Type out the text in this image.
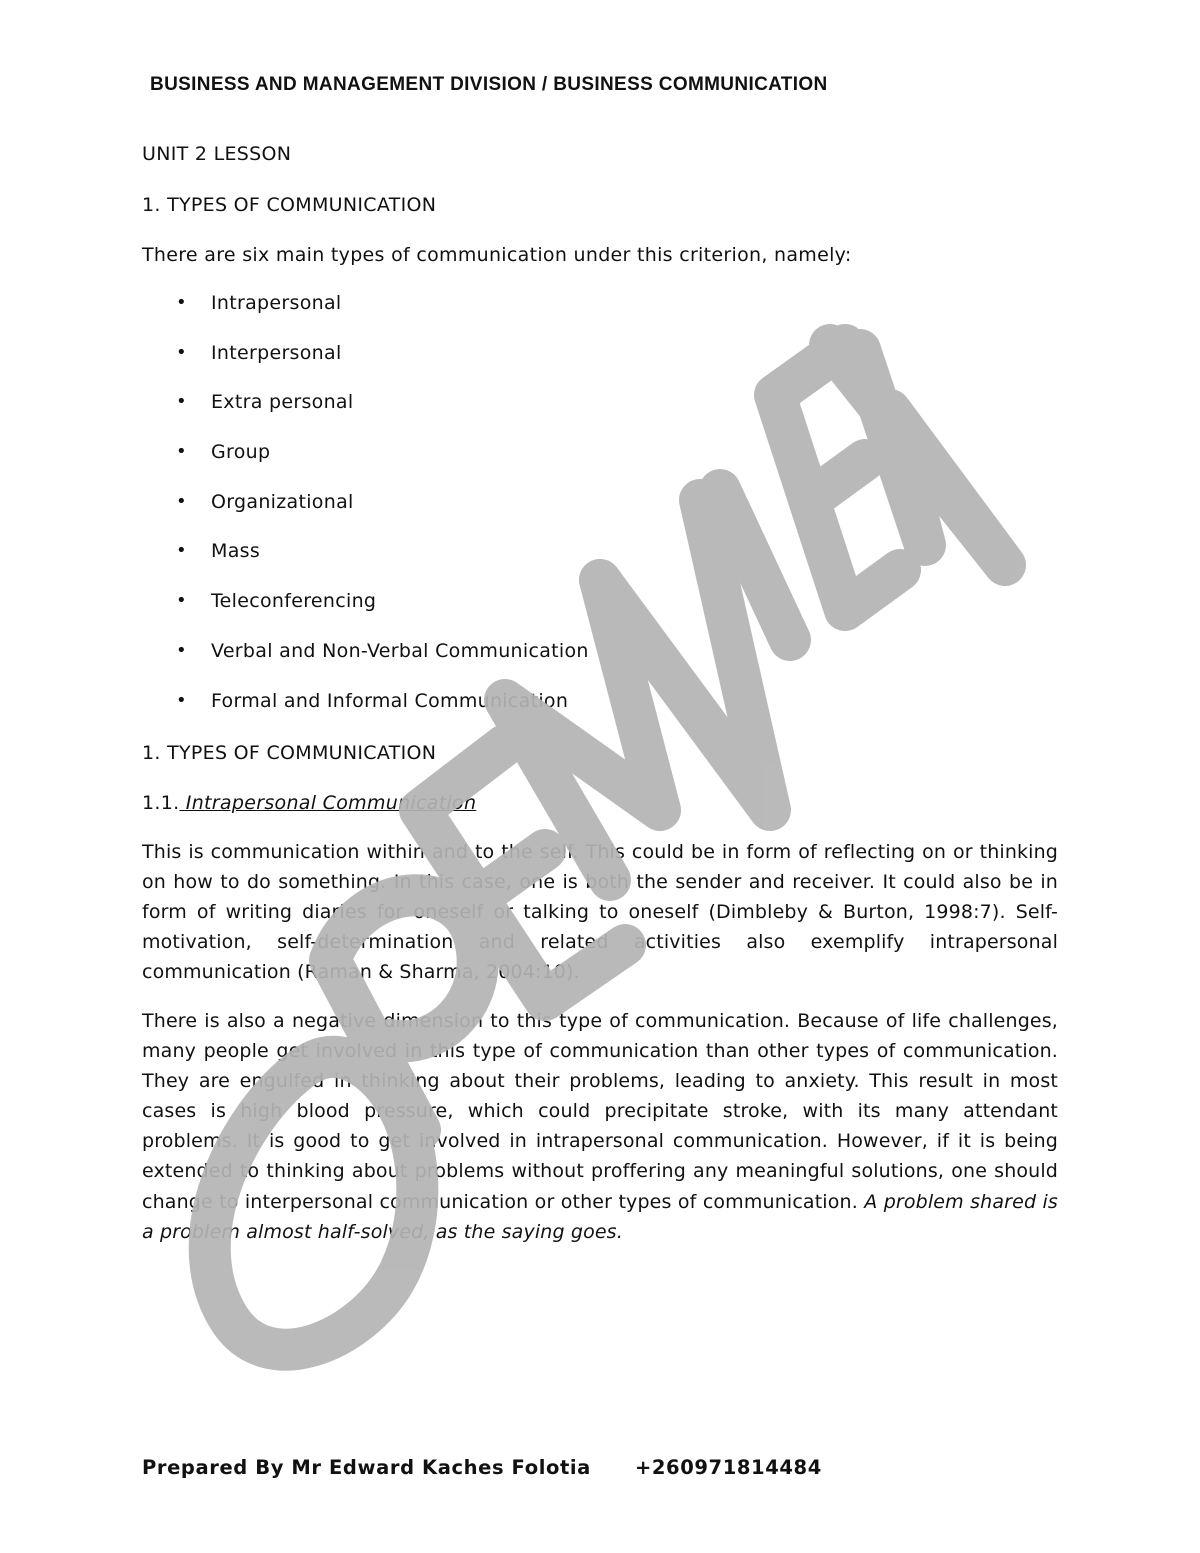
BUSINESS AND MANAGEMENT DIVISION / BUSINESS COMMUNICATION
UNIT 2 LESSON
1. TYPES OF COMMUNICATION
There are six main types of communication under this criterion, namely:
• Intrapersonal
• Interpersonal
• Extra personal
• Group
• Organizational
• Mass
• Teleconferencing
• Verbal and Non-Verbal Communication
• Formal and Informal Communication
1. TYPES OF COMMUNICATION
1.1. Intrapersonal Communication

This is communication within and to the self. This could be in form of reflecting on or thinking on how to do something. In this case, one is both the sender and receiver. It could also be in form of writing diaries for oneself or talking to oneself (Dimbleby & Burton, 1998:7). Self-motivation, self-determination and related activities also exemplify intrapersonal communication (Raman & Sharma, 2004:10).

There is also a negative dimension to this type of communication. Because of life challenges, many people get involved in this type of communication than other types of communication. They are engulfed in thinking about their problems, leading to anxiety. This result in most cases is high blood pressure, which could precipitate stroke, with its many attendant problems. It is good to get involved in intrapersonal communication. However, if it is being extended to thinking about problems without proffering any meaningful solutions, one should change to interpersonal communication or other types of communication. A problem shared is a problem almost half-solved, as the saying goes.

Prepared By Mr Edward Kaches Folotia +260971814484
